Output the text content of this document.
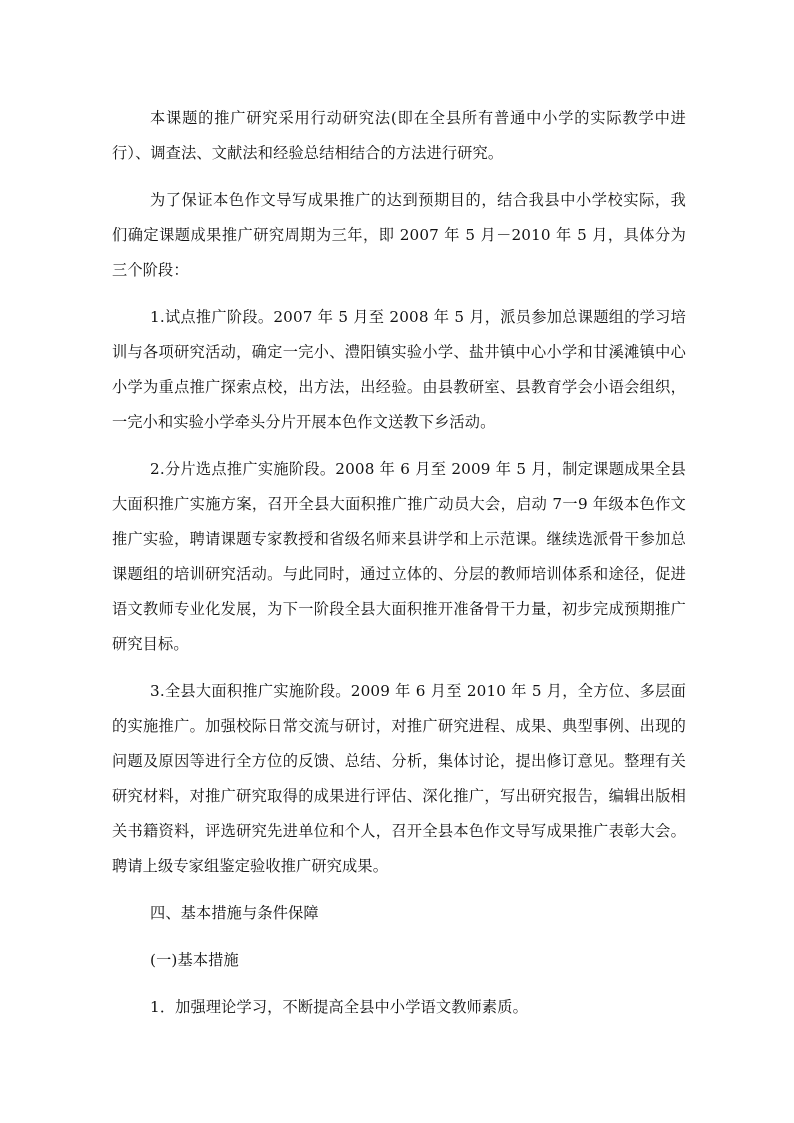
本课题的推广研究采用行动研究法(即在全县所有普通中小学的实际教学中进行）、调查法、文献法和经验总结相结合的方法进行研究。

为了保证本色作文导写成果推广的达到预期目的，结合我县中小学校实际，我们确定课题成果推广研究周期为三年，即 2007 年 5 月－2010 年 5 月，具体分为三个阶段：

1.试点推广阶段。2007 年 5 月至 2008 年 5 月，派员参加总课题组的学习培训与各项研究活动，确定一完小、澧阳镇实验小学、盐井镇中心小学和甘溪滩镇中心小学为重点推广探索点校，出方法，出经验。由县教研室、县教育学会小语会组织，一完小和实验小学牵头分片开展本色作文送教下乡活动。

2.分片选点推广实施阶段。2008 年 6 月至 2009 年 5 月，制定课题成果全县大面积推广实施方案，召开全县大面积推广推广动员大会，启动 7一9 年级本色作文推广实验，聘请课题专家教授和省级名师来县讲学和上示范课。继续选派骨干参加总课题组的培训研究活动。与此同时，通过立体的、分层的教师培训体系和途径，促进语文教师专业化发展，为下一阶段全县大面积推开准备骨干力量，初步完成预期推广研究目标。

3.全县大面积推广实施阶段。2009 年 6 月至 2010 年 5 月，全方位、多层面的实施推广。加强校际日常交流与研讨，对推广研究进程、成果、典型事例、出现的问题及原因等进行全方位的反馈、总结、分析，集体讨论，提出修订意见。整理有关研究材料，对推广研究取得的成果进行评估、深化推广，写出研究报告，编辑出版相关书籍资料，评选研究先进单位和个人，召开全县本色作文导写成果推广表彰大会。聘请上级专家组鉴定验收推广研究成果。

四、基本措施与条件保障

(一)基本措施

1．加强理论学习，不断提高全县中小学语文教师素质。
